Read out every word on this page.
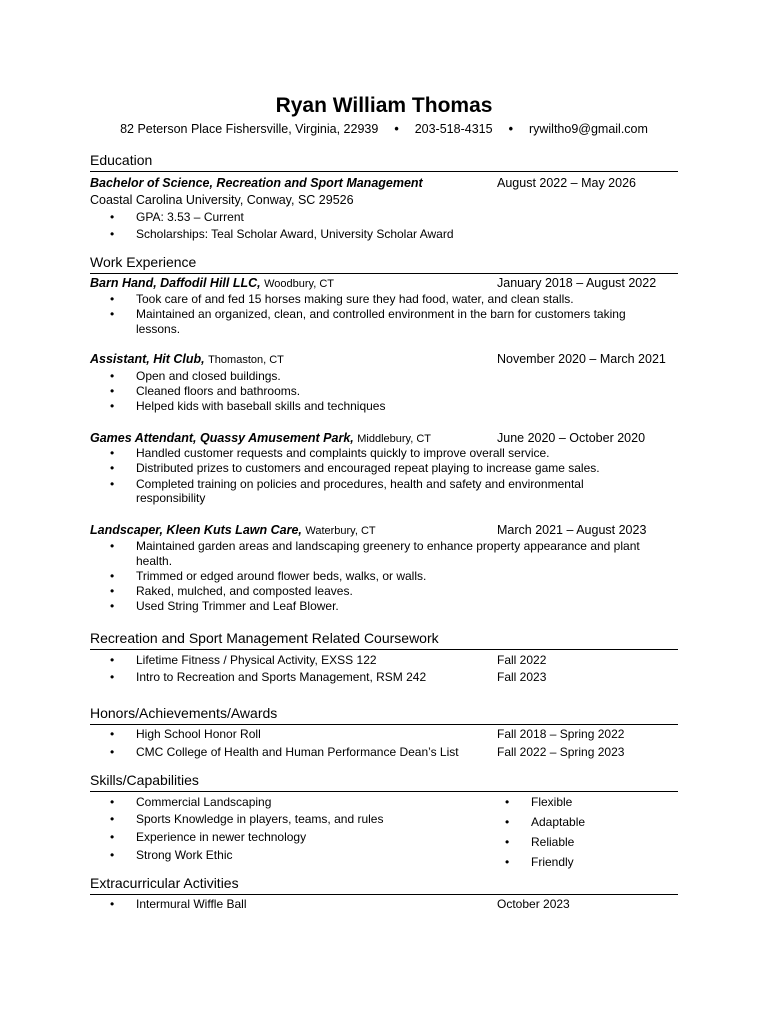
Ryan William Thomas
82 Peterson Place Fishersville, Virginia, 22939 • 203-518-4315 • rywiltho9@gmail.com
Education
Bachelor of Science, Recreation and Sport Management	August 2022 – May 2026
Coastal Carolina University, Conway, SC 29526
• GPA: 3.53 – Current
• Scholarships: Teal Scholar Award, University Scholar Award
Work Experience
Barn Hand, Daffodil Hill LLC, Woodbury, CT	January 2018 – August 2022
• Took care of and fed 15 horses making sure they had food, water, and clean stalls.
• Maintained an organized, clean, and controlled environment in the barn for customers taking
lessons.
Assistant, Hit Club, Thomaston, CT	November 2020 – March 2021
• Open and closed buildings.
• Cleaned floors and bathrooms.
• Helped kids with baseball skills and techniques
Games Attendant, Quassy Amusement Park, Middlebury, CT	June 2020 – October 2020
• Handled customer requests and complaints quickly to improve overall service.
• Distributed prizes to customers and encouraged repeat playing to increase game sales.
• Completed training on policies and procedures, health and safety and environmental
responsibility
Landscaper, Kleen Kuts Lawn Care, Waterbury, CT	March 2021 – August 2023
• Maintained garden areas and landscaping greenery to enhance property appearance and plant
health.
• Trimmed or edged around flower beds, walks, or walls.
• Raked, mulched, and composted leaves.
• Used String Trimmer and Leaf Blower.
Recreation and Sport Management Related Coursework
• Lifetime Fitness / Physical Activity, EXSS 122	Fall 2022
• Intro to Recreation and Sports Management, RSM 242	Fall 2023
Honors/Achievements/Awards
• High School Honor Roll	Fall 2018 – Spring 2022
• CMC College of Health and Human Performance Dean’s List	Fall 2022 – Spring 2023
Skills/Capabilities
• Commercial Landscaping
• Sports Knowledge in players, teams, and rules
• Experience in newer technology
• Strong Work Ethic
• Flexible
• Adaptable
• Reliable
• Friendly
Extracurricular Activities
• Intermural Wiffle Ball	October 2023
